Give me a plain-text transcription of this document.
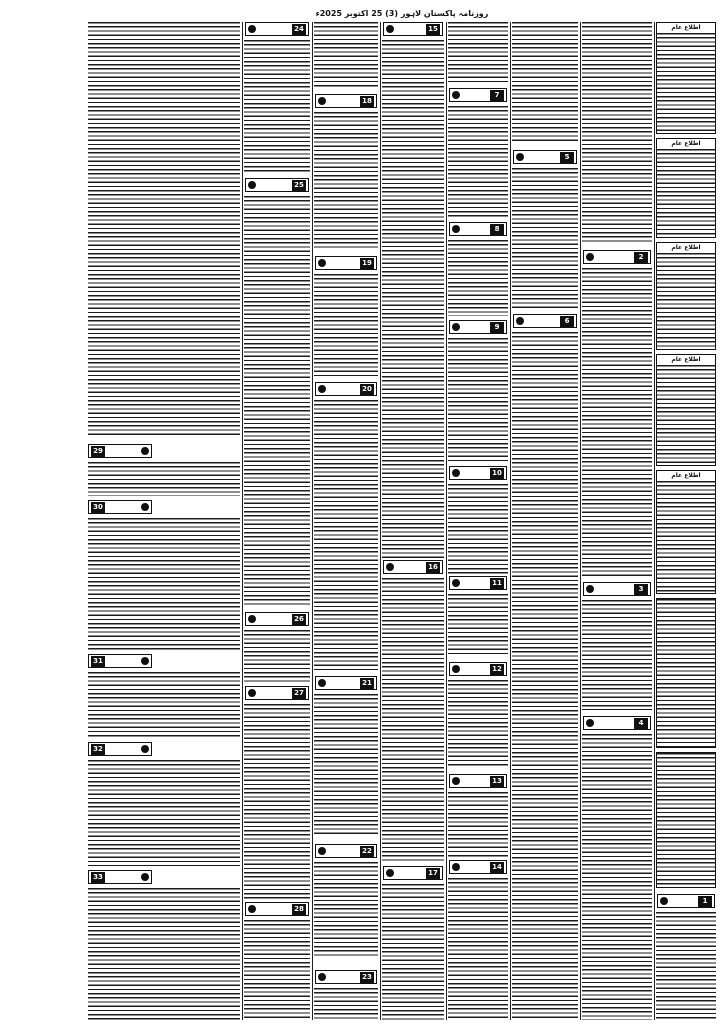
روزنامہ پاکستان لاہور (3) 25 اکتوبر 2025ء
اطلاع عام
اطلاع عام
اطلاع عام
اطلاع عام
اطلاع عام
1
2
3
4
5
6
7
8
9
10
11
12
13
14
15
16
17
18
19
20
21
22
23
24
25
26
27
28
29
30
31
32
33
